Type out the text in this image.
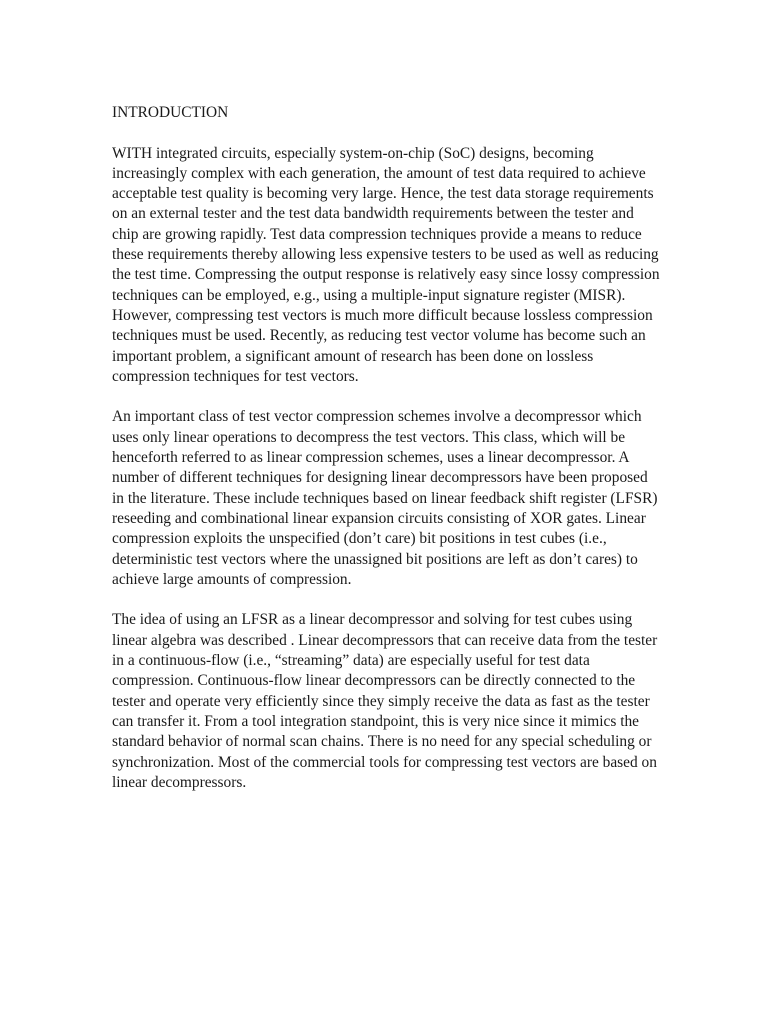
INTRODUCTION

WITH integrated circuits, especially system-on-chip (SoC) designs, becoming increasingly complex with each generation, the amount of test data required to achieve acceptable test quality is becoming very large. Hence, the test data storage requirements on an external tester and the test data bandwidth requirements between the tester and chip are growing rapidly. Test data compression techniques provide a means to reduce these requirements thereby allowing less expensive testers to be used as well as reducing the test time. Compressing the output response is relatively easy since lossy compression techniques can be employed, e.g., using a multiple-input signature register (MISR). However, compressing test vectors is much more difficult because lossless compression techniques must be used. Recently, as reducing test vector volume has become such an important problem, a significant amount of research has been done on lossless compression techniques for test vectors.

An important class of test vector compression schemes involve a decompressor which uses only linear operations to decompress the test vectors. This class, which will be henceforth referred to as linear compression schemes, uses a linear decompressor. A number of different techniques for designing linear decompressors have been proposed in the literature. These include techniques based on linear feedback shift register (LFSR) reseeding and combinational linear expansion circuits consisting of XOR gates. Linear compression exploits the unspecified (don’t care) bit positions in test cubes (i.e., deterministic test vectors where the unassigned bit positions are left as don’t cares) to achieve large amounts of compression.

The idea of using an LFSR as a linear decompressor and solving for test cubes using linear algebra was described . Linear decompressors that can receive data from the tester in a continuous-flow (i.e., “streaming” data) are especially useful for test data compression. Continuous-flow linear decompressors can be directly connected to the tester and operate very efficiently since they simply receive the data as fast as the tester can transfer it. From a tool integration standpoint, this is very nice since it mimics the standard behavior of normal scan chains. There is no need for any special scheduling or synchronization. Most of the commercial tools for compressing test vectors are based on linear decompressors.
